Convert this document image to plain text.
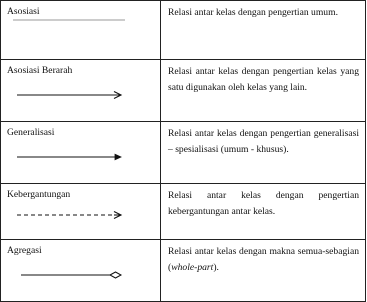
Asosiasi	Relasi antar kelas dengan pengertian umum.

Asosiasi Berarah	Relasi antar kelas dengan pengertian kelas yang satu digunakan oleh kelas yang lain.

Generalisasi	Relasi antar kelas dengan pengertian generalisasi – spesialisasi (umum - khusus).

Kebergantungan	Relasi antar kelas dengan pengertian kebergantungan antar kelas.

Agregasi	Relasi antar kelas dengan makna semua-sebagian (whole-part).
